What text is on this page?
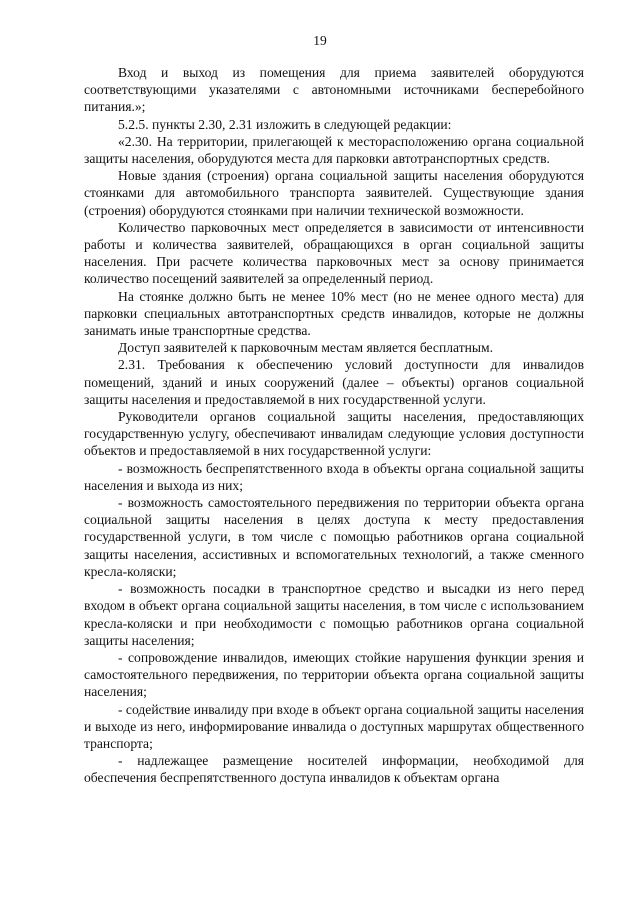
19

Вход и выход из помещения для приема заявителей оборудуются соответствующими указателями с автономными источниками бесперебойного питания.»;

5.2.5. пункты 2.30, 2.31 изложить в следующей редакции:

«2.30. На территории, прилегающей к месторасположению органа социальной защиты населения, оборудуются места для парковки автотранспортных средств.

Новые здания (строения) органа социальной защиты населения оборудуются стоянками для автомобильного транспорта заявителей. Существующие здания (строения) оборудуются стоянками при наличии технической возможности.

Количество парковочных мест определяется в зависимости от интенсивности работы и количества заявителей, обращающихся в орган социальной защиты населения. При расчете количества парковочных мест за основу принимается количество посещений заявителей за определенный период.

На стоянке должно быть не менее 10% мест (но не менее одного места) для парковки специальных автотранспортных средств инвалидов, которые не должны занимать иные транспортные средства.

Доступ заявителей к парковочным местам является бесплатным.

2.31. Требования к обеспечению условий доступности для инвалидов помещений, зданий и иных сооружений (далее – объекты) органов социальной защиты населения и предоставляемой в них государственной услуги.

Руководители органов социальной защиты населения, предоставляющих государственную услугу, обеспечивают инвалидам следующие условия доступности объектов и предоставляемой в них государственной услуги:

- возможность беспрепятственного входа в объекты органа социальной защиты населения и выхода из них;

- возможность самостоятельного передвижения по территории объекта органа социальной защиты населения в целях доступа к месту предоставления государственной услуги, в том числе с помощью работников органа социальной защиты населения, ассистивных и вспомогательных технологий, а также сменного кресла-коляски;

- возможность посадки в транспортное средство и высадки из него перед входом в объект органа социальной защиты населения, в том числе с использованием кресла-коляски и при необходимости с помощью работников органа социальной защиты населения;

- сопровождение инвалидов, имеющих стойкие нарушения функции зрения и самостоятельного передвижения, по территории объекта органа социальной защиты населения;

- содействие инвалиду при входе в объект органа социальной защиты населения и выходе из него, информирование инвалида о доступных маршрутах общественного транспорта;

- надлежащее размещение носителей информации, необходимой для обеспечения беспрепятственного доступа инвалидов к объектам органа
